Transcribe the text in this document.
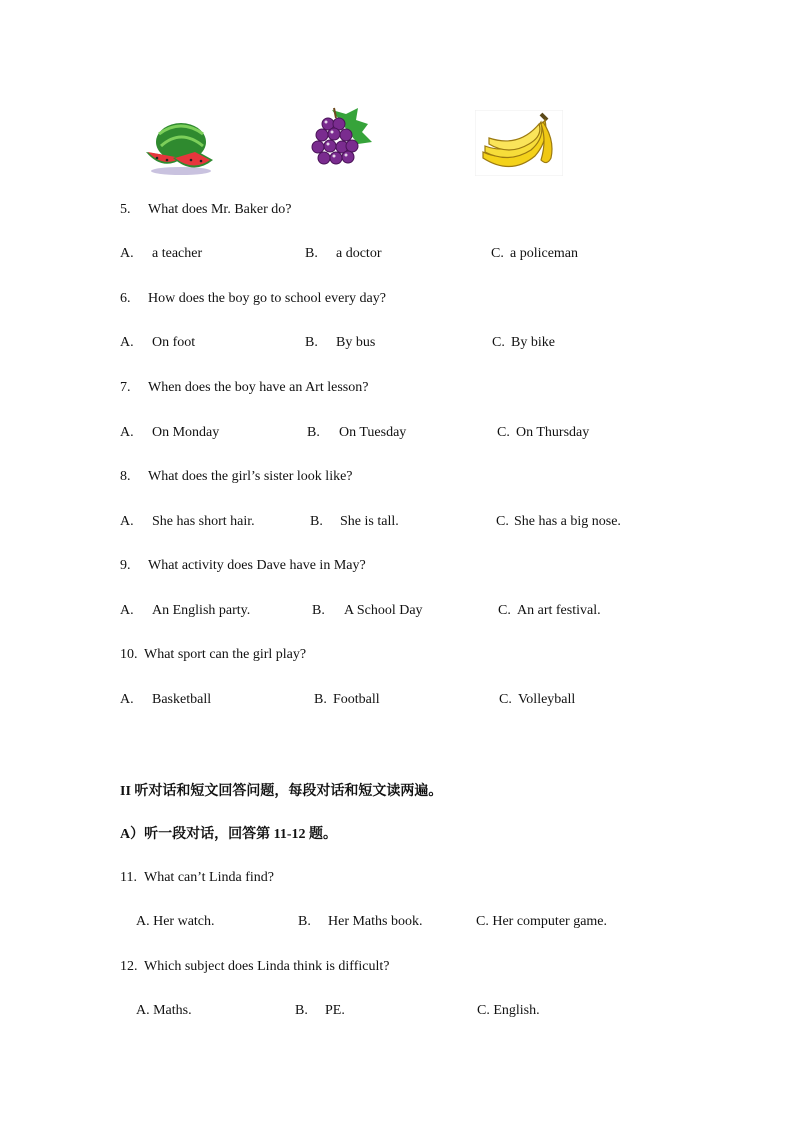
5. What does Mr. Baker do?
A. a teacher	B. a doctor	C. a policeman
6. How does the boy go to school every day?
A. On foot	B. By bus	C. By bike
7. When does the boy have an Art lesson?
A. On Monday	B. On Tuesday	C. On Thursday
8. What does the girl’s sister look like?
A. She has short hair.	B. She is tall.	C. She has a big nose.
9. What activity does Dave have in May?
A. An English party.	B. A School Day	C. An art festival.
10. What sport can the girl play?
A. Basketball	B. Football	C. Volleyball
II 听对话和短文回答问题，每段对话和短文读两遍。
A）听一段对话，回答第 11-12 题。
11. What can’t Linda find?
A. Her watch.	B. Her Maths book.	C. Her computer game.
12. Which subject does Linda think is difficult?
A. Maths.	B. PE.	C. English.
